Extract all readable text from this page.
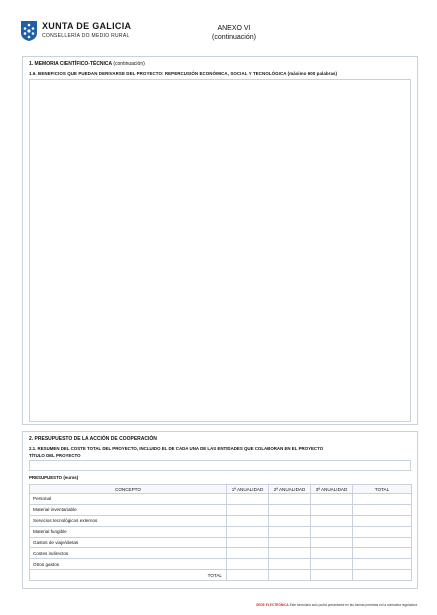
XUNTA DE GALICIA
CONSELLERÍA DO MEDIO RURAL
ANEXO VI
(continuación)
1. MEMORIA CIENTÍFICO-TÉCNICA (continuación)
1.6. BENEFICIOS QUE PUEDAN DERIVARSE DEL PROYECTO: REPERCUSIÓN ECONÓMICA, SOCIAL Y TECNOLÓGICA (máximo 600 palabras)
2. PRESUPUESTO DE LA ACCIÓN DE COOPERACIÓN
2.1. RESUMEN DEL COSTE TOTAL DEL PROYECTO, INCLUIDO EL DE CADA UNA DE LAS ENTIDADES QUE COLABORAN EN EL PROYECTO
TÍTULO DEL PROYECTO
PRESUPUESTO (euros)
CONCEPTO	1ª ANUALIDAD	2ª ANUALIDAD	3ª ANUALIDAD	TOTAL
Personal				
Material inventariable				
Servicios tecnológicos externos				
Material fungible				
Gastos de viaje/dietas				
Costes indirectos				
Otros gastos				
TOTAL				
SEDE ELECTRÓNICA Este formulario solo podrá presentarse en las formas previstas en la normativa reguladora
